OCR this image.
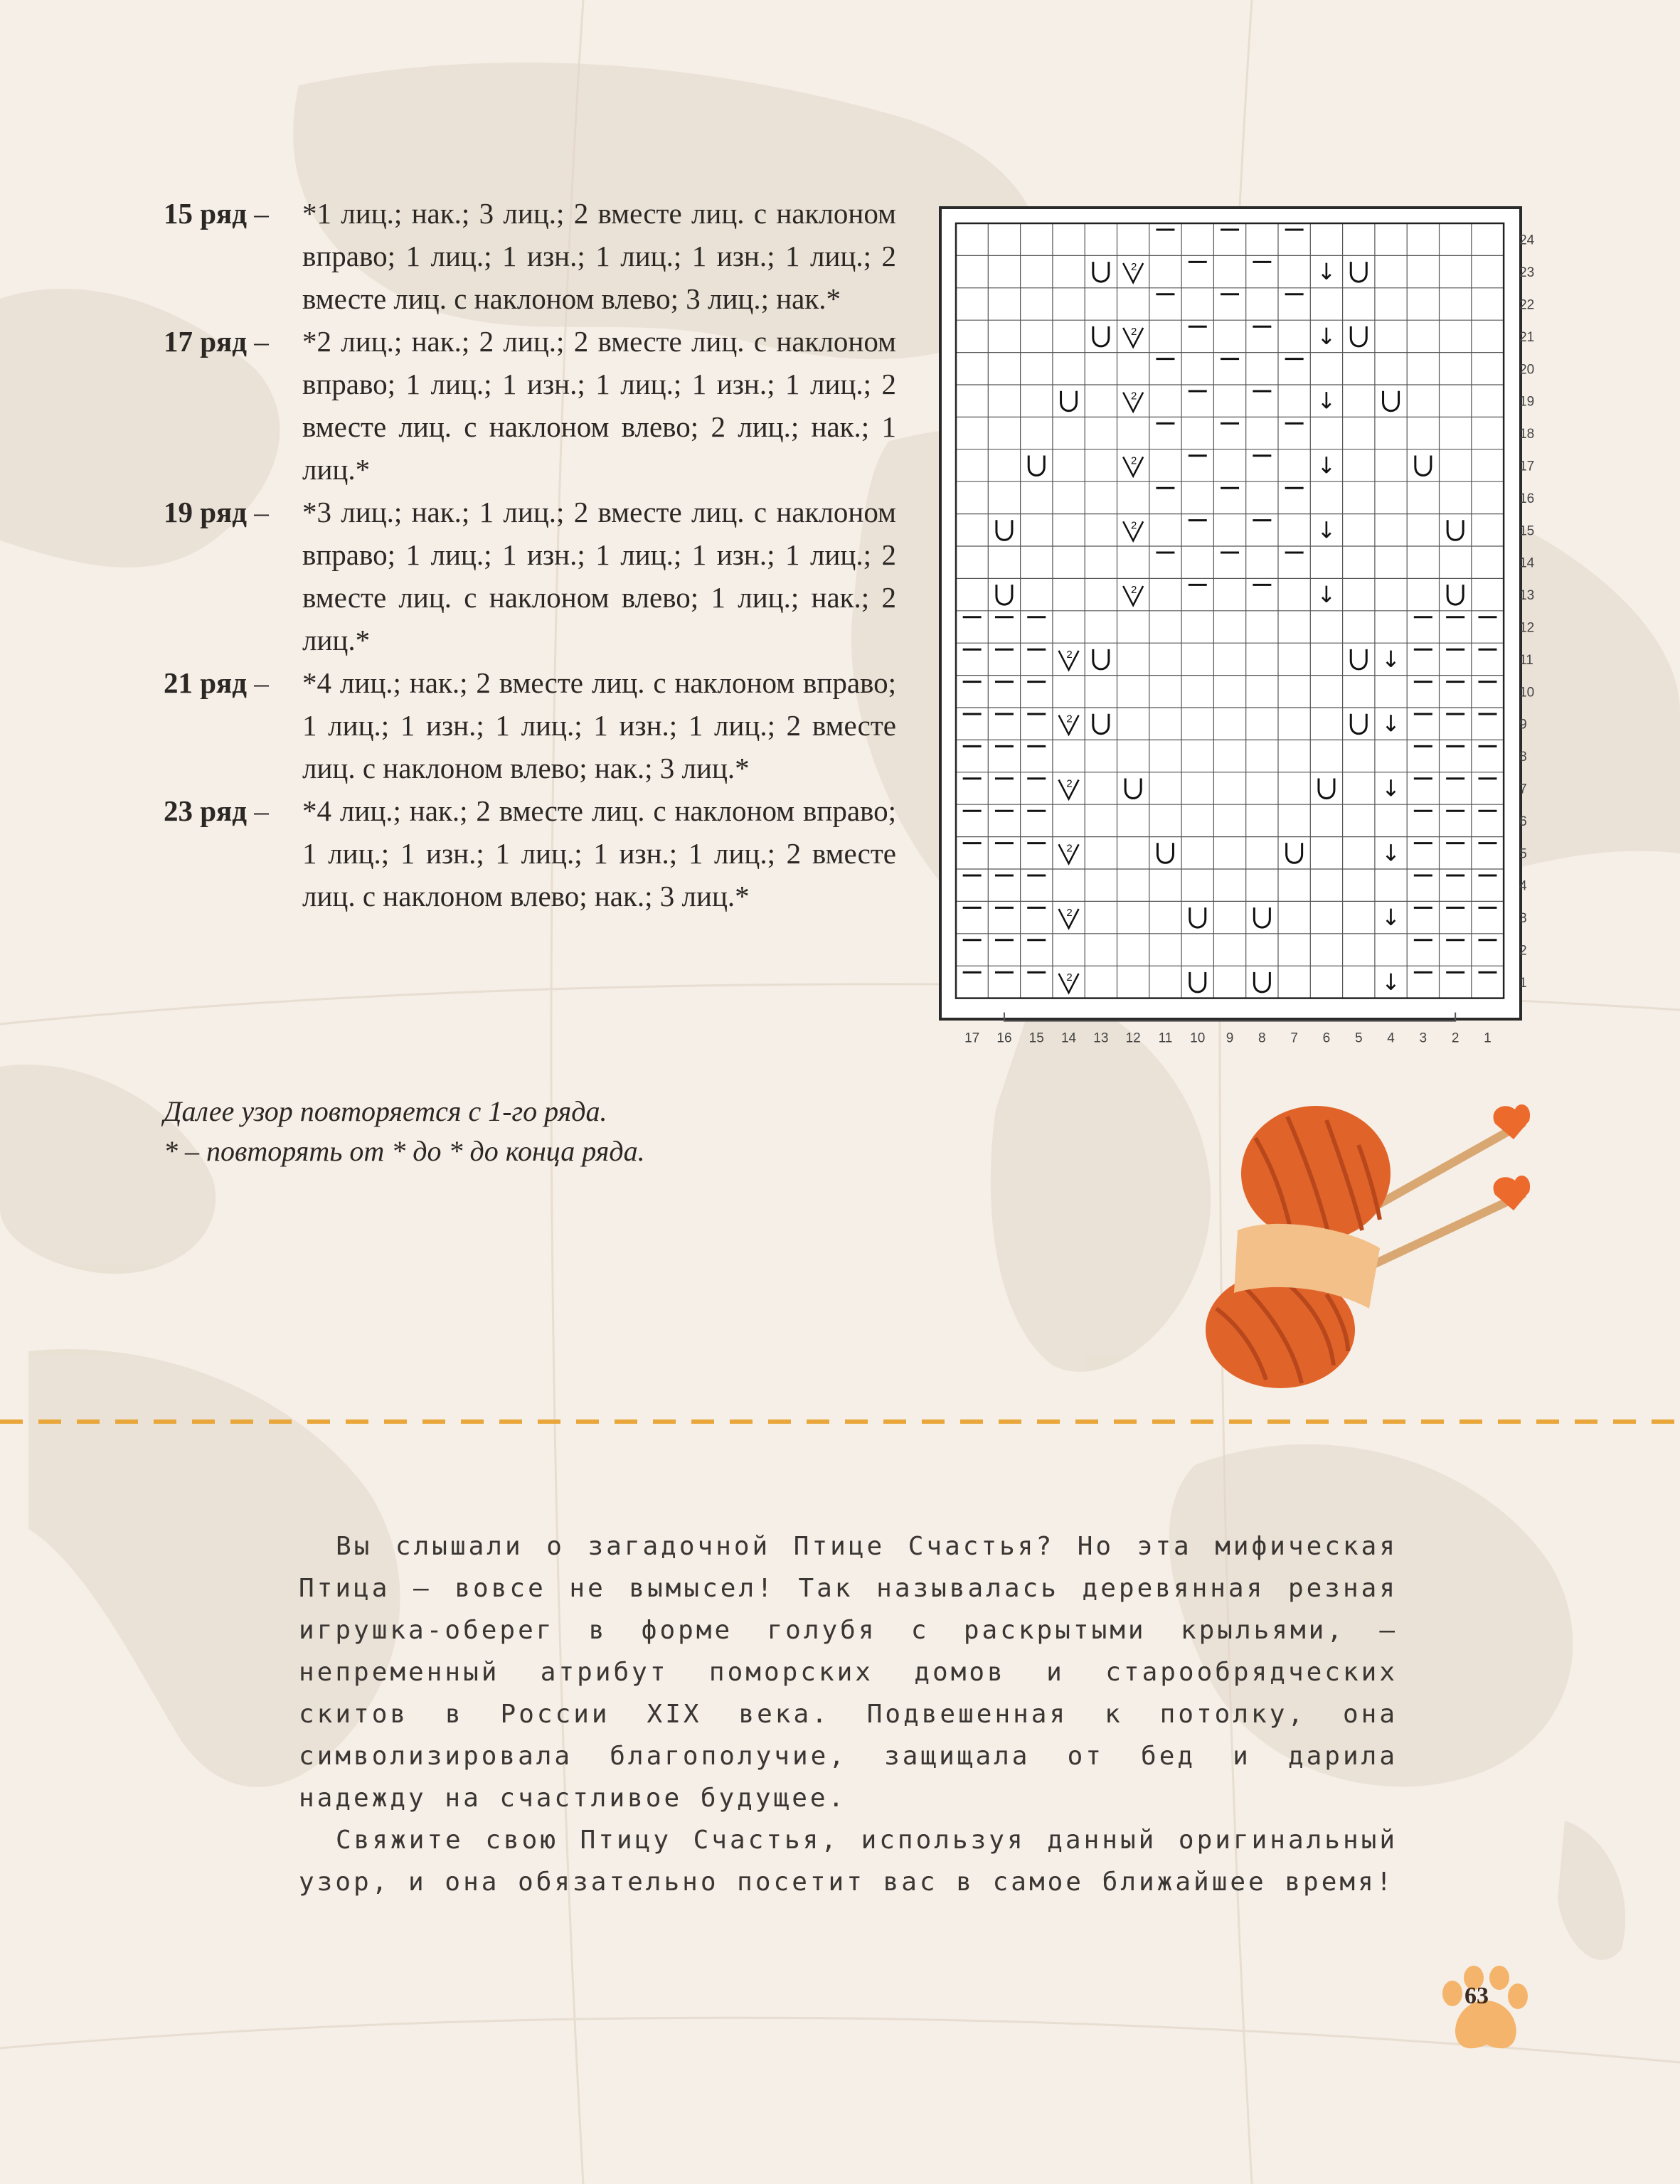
15 ряд –	*1 лиц.; нак.; 3 лиц.; 2 вместе лиц. с наклоном вправо; 1 лиц.; 1 изн.; 1 лиц.; 1 изн.; 1 лиц.; 2 вместе лиц. с наклоном влево; 3 лиц.; нак.*
17 ряд –	*2 лиц.; нак.; 2 лиц.; 2 вместе лиц. с наклоном вправо; 1 лиц.; 1 изн.; 1 лиц.; 1 изн.; 1 лиц.; 2 вместе лиц. с наклоном влево; 2 лиц.; нак.; 1 лиц.*
19 ряд –	*3 лиц.; нак.; 1 лиц.; 2 вместе лиц. с наклоном вправо; 1 лиц.; 1 изн.; 1 лиц.; 1 изн.; 1 лиц.; 2 вместе лиц. с наклоном влево; 1 лиц.; нак.; 2 лиц.*
21 ряд –	*4 лиц.; нак.; 2 вместе лиц. с наклоном вправо; 1 лиц.; 1 изн.; 1 лиц.; 1 изн.; 1 лиц.; 2 вместе лиц. с наклоном влево; нак.; 3 лиц.*
23 ряд –	*4 лиц.; нак.; 2 вместе лиц. с наклоном вправо; 1 лиц.; 1 изн.; 1 лиц.; 1 изн.; 1 лиц.; 2 вместе лиц. с наклоном влево; нак.; 3 лиц.*
1
2
3
4
5
6
7
8
9
10
11
12
13
14
15
16
17
18
19
20
21
22
23
24
17 16 15 14 13 12 11 10 9 8 7 6 5 4 3 2 1
↓
2
↓
2
↓
2
↓
2
↓
2
↓
2
↓
2
↓
2
↓
2
↓
2
↓
2
↓
2
Далее узор повторяется с 1-го ряда.
* – повторять от * до * до конца ряда.

Вы слышали о загадочной Птице Счастья? Но эта мифическая Птица – вовсе не вымысел! Так называлась деревянная резная игрушка-оберег в форме голубя с раскрытыми крыльями, – непременный атрибут поморских домов и старообрядческих скитов в России XIX века. Подвешенная к потолку, она символизировала благополучие, защищала от бед и дарила надежду на счастливое будущее.

Свяжите свою Птицу Счастья, используя данный оригинальный узор, и она обязательно посетит вас в самое ближайшее время!

63
